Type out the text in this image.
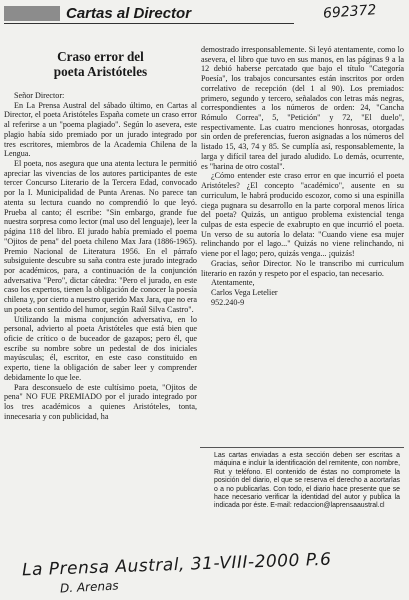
Cartas al Director	692372
Craso error del
poeta Aristóteles

Señor Director:

En La Prensa Austral del sábado último, en Cartas al Director, el poeta Aristóteles España comete un craso error al referirse a un "poema plagiado". Según lo asevera, este plagio había sido premiado por un jurado integrado por tres escritores, miembros de la Academia Chilena de la Lengua.

El poeta, nos asegura que una atenta lectura le permitió apreciar las vivencias de los autores participantes de este tercer Concurso Literario de la Tercera Edad, convocado por la I. Municipalidad de Punta Arenas. No parece tan atenta su lectura cuando no comprendió lo que leyó. Prueba al canto; él escribe: "Sin embargo, grande fue nuestra sorpresa como lector (mal uso del lenguaje), leer la página 118 del libro. El jurado había premiado el poema "Ojitos de pena" del poeta chileno Max Jara (1886-1965). Premio Nacional de Literatura 1956. En el párrafo subsiguiente descubre su saña contra este jurado integrado por académicos, para, a continuación de la conjunción adversativa "Pero", dictar cátedra: "Pero el jurado, en este caso los expertos, tienen la obligación de conocer la poesía chilena y, por cierto a nuestro querido Max Jara, que no era un poeta con sentido del humor, según Raúl Silva Castro".

Utilizando la misma conjunción adversativa, en lo personal, advierto al poeta Aristóteles que está bien que oficie de crítico o de buceador de gazapos; pero él, que escribe su nombre sobre un pedestal de dos iniciales mayúsculas; él, escritor, en este caso constituido en experto, tiene la obligación de saber leer y comprender debidamente lo que lee.

Para desconsuelo de este cultísimo poeta, "Ojitos de pena" NO FUE PREMIADO por el jurado integrado por los tres académicos a quienes Aristóteles, tonta, innecesaria y con publicidad, ha

demostrado irresponsablemente. Si leyó atentamente, como lo asevera, el libro que tuvo en sus manos, en las páginas 9 a la 12 debió haberse percatado que bajo el título "Categoría Poesía", los trabajos concursantes están inscritos por orden correlativo de recepción (del 1 al 90). Los premiados: primero, segundo y tercero, señalados con letras más negras, correspondientes a los números de orden: 24, "Cancha Rómulo Correa", 5, "Petición" y 72, "El duelo", respectivamente. Las cuatro menciones honrosas, otorgadas sin orden de preferencias, fueron asignadas a los números del listado 15, 43, 74 y 85. Se cumplía así, responsablemente, la larga y difícil tarea del jurado aludido. Lo demás, ocurrente, es "harina de otro costal".

¿Cómo entender este craso error en que incurrió el poeta Aristóteles? ¿El concepto "académico", ausente en su curriculum, le habrá producido escozor, como si una espinilla ciega pugnara su desarrollo en la parte corporal menos lírica del poeta? Quizás, un antiguo problema existencial tenga culpas de esta especie de exabrupto en que incurrió el poeta. Un verso de su autoría lo delata: "Cuando viene esa mujer relinchando por el lago..." Quizás no viene relinchando, ni viene por el lago; pero, quizás venga... ¡quizás!

Gracias, señor Director. No le transcribo mi curriculum literario en razón y respeto por el espacio, tan necesario.

Atentamente,

Carlos Vega Letelier

952.240-9

Las cartas enviadas a esta sección deben ser escritas a máquina e incluir la identificación del remitente, con nombre, Rut y teléfono. El contenido de éstas no compromete la posición del diario, el que se reserva el derecho a acortarlas o a no publicarlas. Con todo, el diario hace presente que se hace necesario verificar la identidad del autor y publica la indicada por éste. E-mail: redaccion@laprensaaustral.cl
La Prensa Austral, 31-VIII-2000 P.6
D. Arenas
